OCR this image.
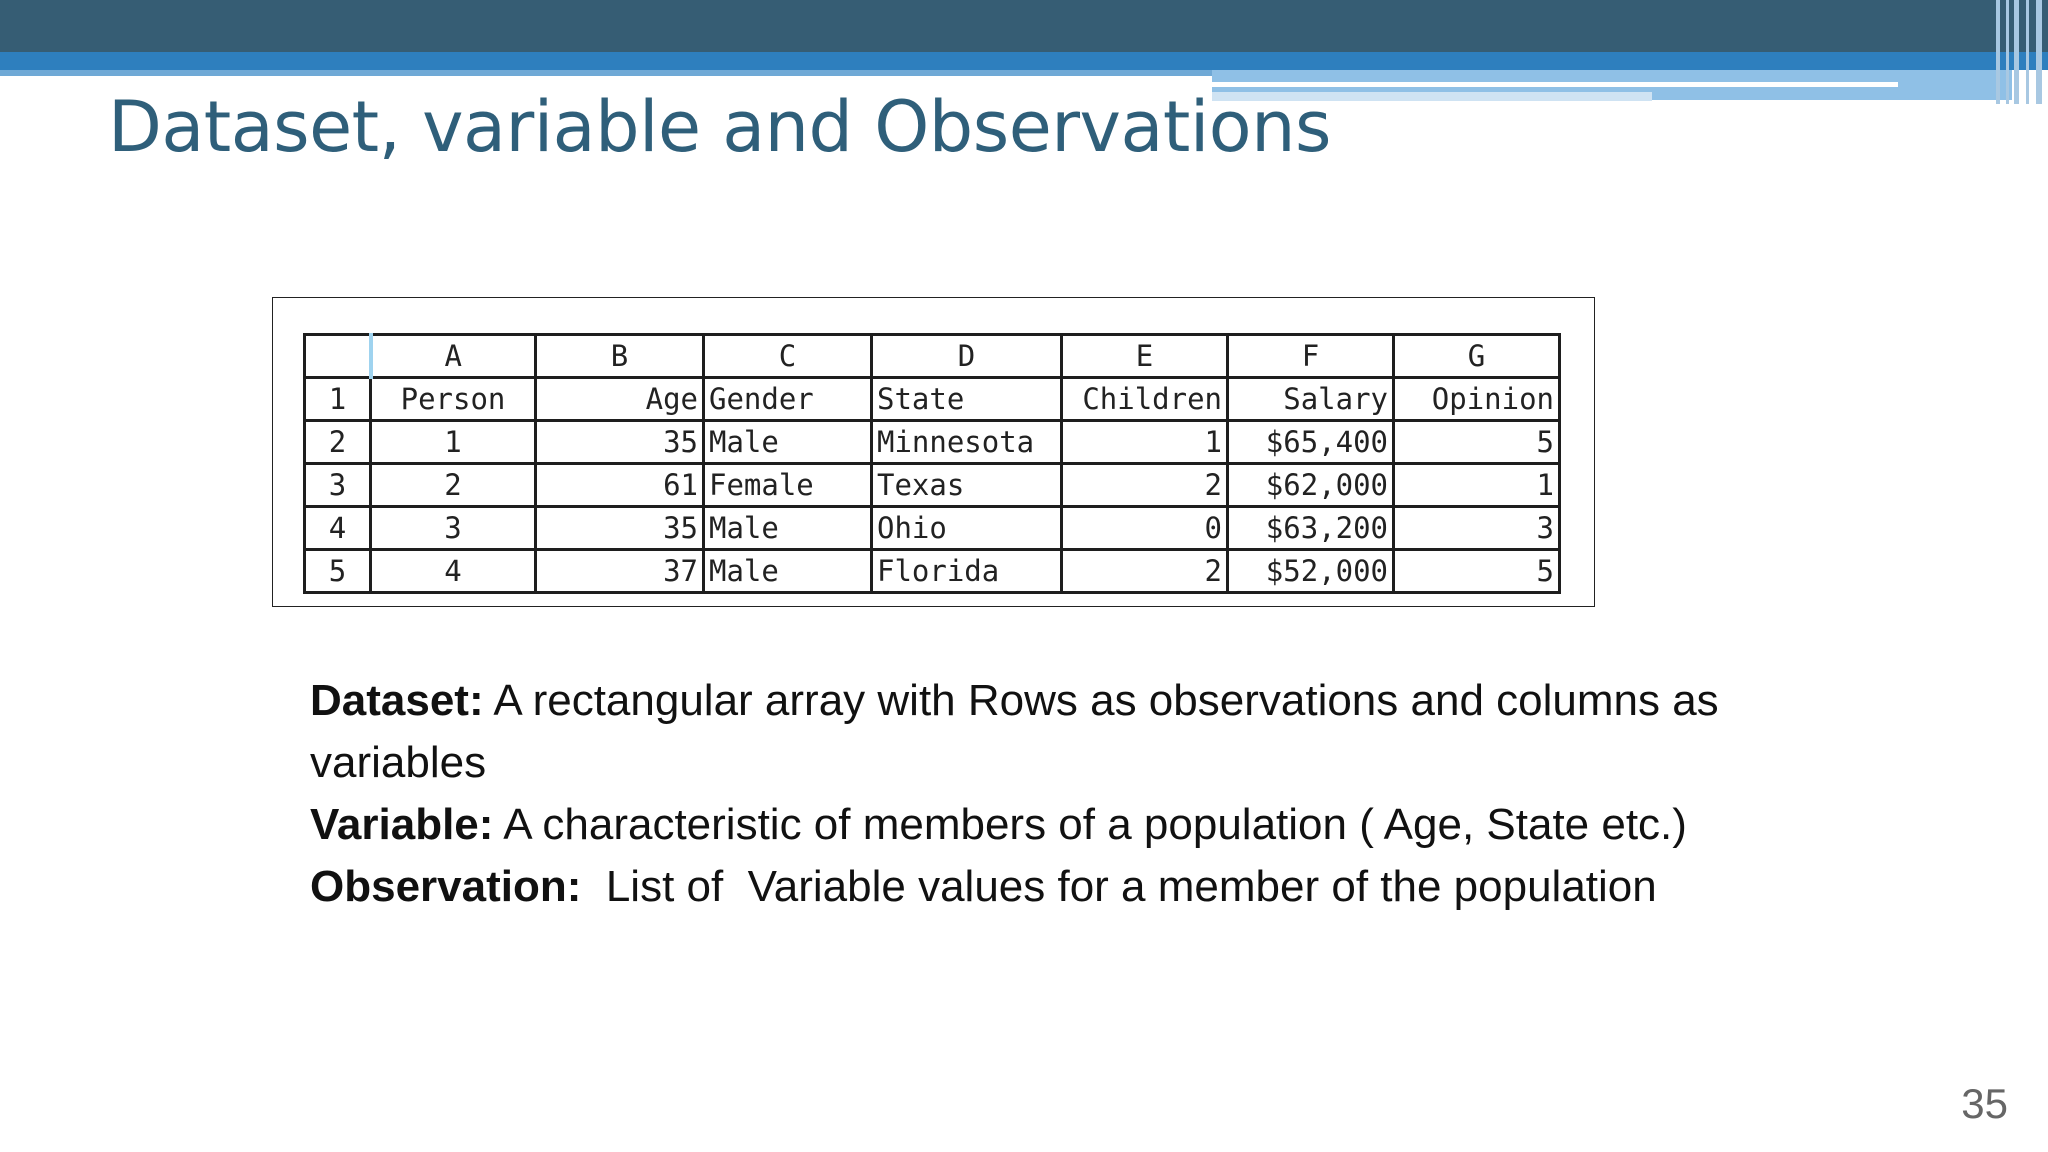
Dataset, variable and Observations
	A	B	C	D	E	F	G
1	Person	Age	Gender	State	Children	Salary	Opinion
2	1	35	Male	Minnesota	1	$65,400	5
3	2	61	Female	Texas	2	$62,000	1
4	3	35	Male	Ohio	0	$63,200	3
5	4	37	Male	Florida	2	$52,000	5

Dataset: A rectangular array with Rows as observations and columns as variables

Variable: A characteristic of members of a population ( Age, State etc.)

Observation:  List of  Variable values for a member of the population

35
